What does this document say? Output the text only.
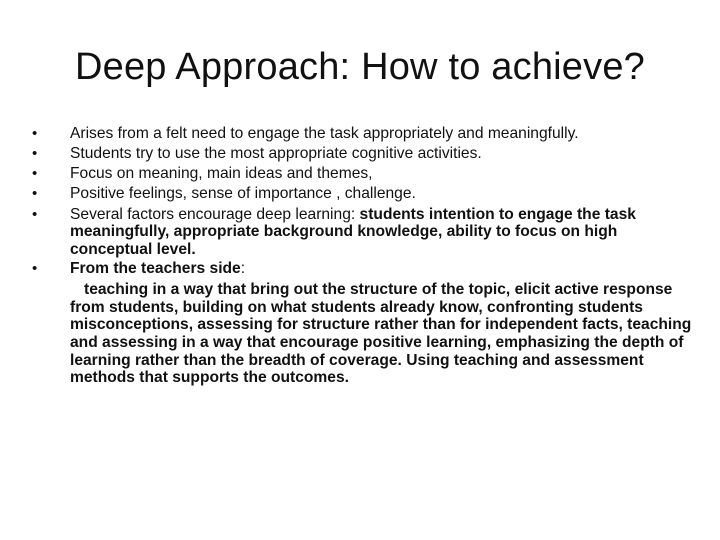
Deep Approach: How to achieve?
• Arises from a felt need to engage the task appropriately and meaningfully.
• Students try to use the most appropriate cognitive activities.
• Focus on meaning, main ideas and themes,
• Positive feelings, sense of importance , challenge.
• Several factors encourage deep learning: students intention to engage the task meaningfully, appropriate background knowledge, ability to focus on high conceptual level.
• From the teachers side:
teaching in a way that bring out the structure of the topic, elicit active response from students, building on what students already know, confronting students misconceptions, assessing for structure rather than for independent facts, teaching and assessing in a way that encourage positive learning, emphasizing the depth of learning rather than the breadth of coverage. Using teaching and assessment methods that supports the outcomes.
